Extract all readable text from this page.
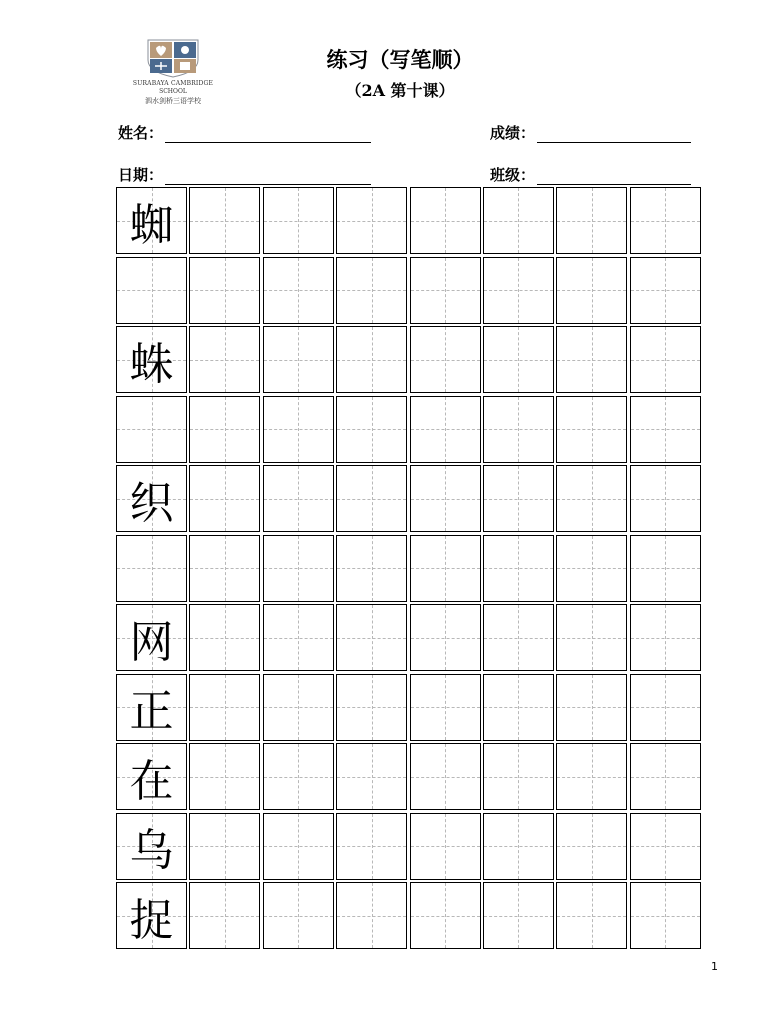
SURABAYA CAMBRIDGE
SCHOOL
泗水剑桥三语学校
练习（写笔顺）
（2A 第十课）
姓名：	成绩：
日期：	班级：
蜘
蛛
织
网
正
在
乌
捉
1
